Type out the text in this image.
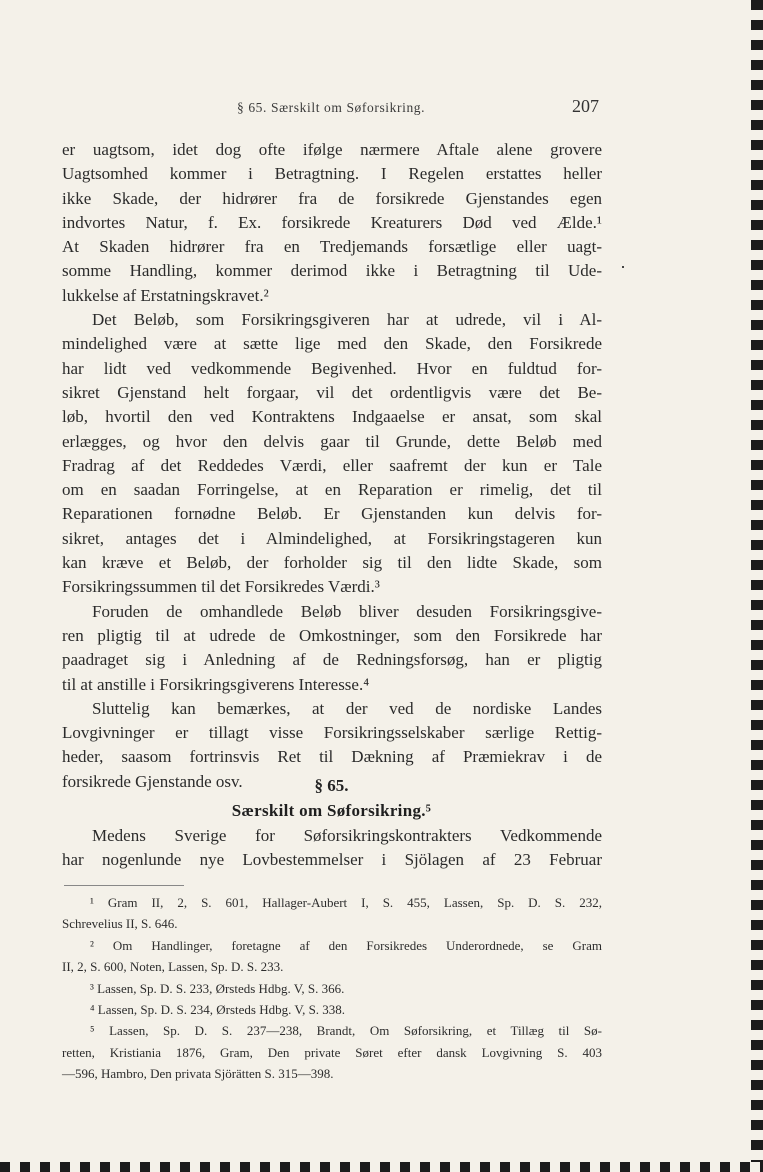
§ 65. Særskilt om Søforsikring.	207
er uagtsom, idet dog ofte ifølge nærmere Aftale alene grovere
Uagtsomhed kommer i Betragtning. I Regelen erstattes heller
ikke Skade, der hidrører fra de forsikrede Gjenstandes egen
indvortes Natur, f. Ex. forsikrede Kreaturers Død ved Ælde.¹
At Skaden hidrører fra en Tredjemands forsætlige eller uagt-
somme Handling, kommer derimod ikke i Betragtning til Ude-
lukkelse af Erstatningskravet.²
Det Beløb, som Forsikringsgiveren har at udrede, vil i Al-
mindelighed være at sætte lige med den Skade, den Forsikrede
har lidt ved vedkommende Begivenhed. Hvor en fuldtud for-
sikret Gjenstand helt forgaar, vil det ordentligvis være det Be-
løb, hvortil den ved Kontraktens Indgaaelse er ansat, som skal
erlægges, og hvor den delvis gaar til Grunde, dette Beløb med
Fradrag af det Reddedes Værdi, eller saafremt der kun er Tale
om en saadan Forringelse, at en Reparation er rimelig, det til
Reparationen fornødne Beløb. Er Gjenstanden kun delvis for-
sikret, antages det i Almindelighed, at Forsikringstageren kun
kan kræve et Beløb, der forholder sig til den lidte Skade, som
Forsikringssummen til det Forsikredes Værdi.³
Foruden de omhandlede Beløb bliver desuden Forsikringsgive-
ren pligtig til at udrede de Omkostninger, som den Forsikrede har
paadraget sig i Anledning af de Redningsforsøg, han er pligtig
til at anstille i Forsikringsgiverens Interesse.⁴
Sluttelig kan bemærkes, at der ved de nordiske Landes
Lovgivninger er tillagt visse Forsikringsselskaber særlige Rettig-
heder, saasom fortrinsvis Ret til Dækning af Præmiekrav i de
forsikrede Gjenstande osv.	§ 65.
Særskilt om Søforsikring.⁵
Medens Sverige for Søforsikringskontrakters Vedkommende
har nogenlunde nye Lovbestemmelser i Sjölagen af 23 Februar
¹ Gram II, 2, S. 601, Hallager-Aubert I, S. 455, Lassen, Sp. D. S. 232,
Schrevelius II, S. 646.
² Om Handlinger, foretagne af den Forsikredes Underordnede, se Gram
II, 2, S. 600, Noten, Lassen, Sp. D. S. 233.
³ Lassen, Sp. D. S. 233, Ørsteds Hdbg. V, S. 366.
⁴ Lassen, Sp. D. S. 234, Ørsteds Hdbg. V, S. 338.
⁵ Lassen, Sp. D. S. 237—238, Brandt, Om Søforsikring, et Tillæg til Sø-
retten, Kristiania 1876, Gram, Den private Søret efter dansk Lovgivning S. 403
—596, Hambro, Den privata Sjörätten S. 315—398.
